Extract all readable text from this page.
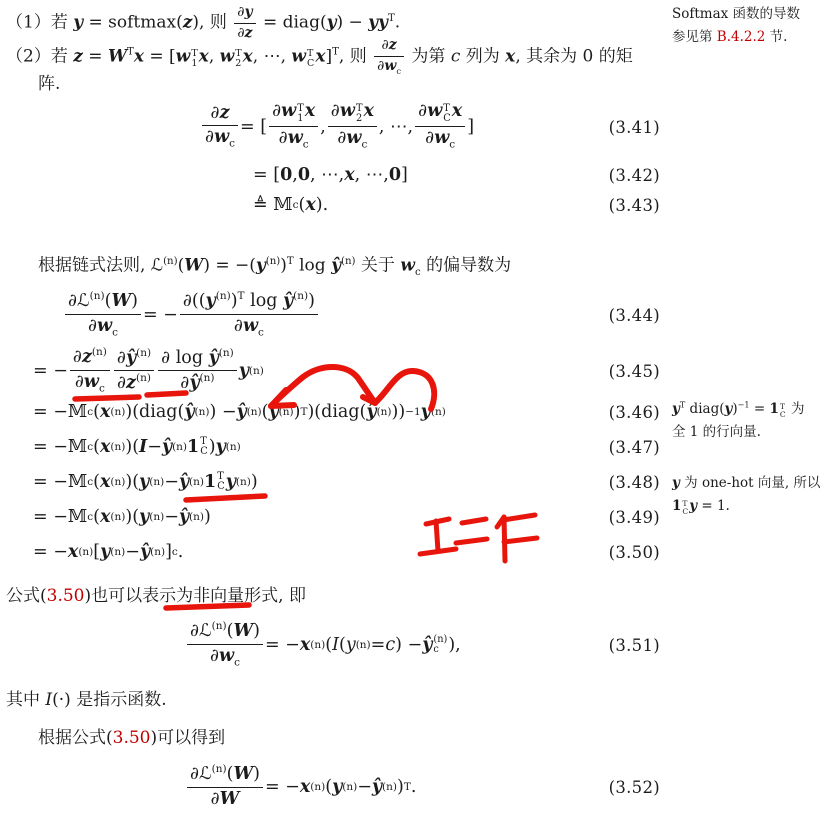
（1）若 y = softmax(z), 则 $\frac{\partial y}{\partial z}$ = diag(y) − $yy^T$.
（2）若 $z = W^Tx = [w$ T
1 x, w T
2 x, ⋯, w T
C x]$^T$, 则 $\frac{\partial z}{\partial w_c}$ 为第 c 列为 x, 其余为 0 的矩
阵.
根据链式法则, ℒ$^{(n)}$(W) = $-(y^{(n)})^T$ $\log ŷ^{(n)}$ 关于 $w_c$ 的偏导数为
公式(3.50)也可以表示为非向量形式, 即
其中 I(·) 是指示函数.
根据公式(3.50)可以得到
∂z
$\partial w_c$
= [
∂w T
1 x
$\partial w_c$
,
∂w T
2 x
$\partial w_c$
, ⋯,
∂w T
C x
$\partial w_c$
]	(3.41)
= [ 0 , 0 , ⋯, x , ⋯, 0 ]	(3.42)
≜ 𝕄 c ( x ).	(3.43)
∂ℒ$^{(n)}$(W)
$\partial w_c$
= −
$\partial((y^{(n)})^T$ $\log ŷ^{(n)}$)
$\partial w_c$
(3.44)
= −
$\partial z^{(n)}$
$\partial w_c$
$\partial ŷ^{(n)}$
$\partial z^{(n)}$
∂ $\log ŷ^{(n)}$
$\partial ŷ^{(n)}$	y (n)	(3.45)
= −𝕄 c ( x (n) )(diag( ŷ (n) ) − ŷ (n) ( ŷ (n) ) T )(diag( ŷ (n) )) −1 y (n)	(3.46)
= −𝕄 c ( x (n) )( I − ŷ (n) 1 T
C ) y (n)	(3.47)
= −𝕄 c ( x (n) )( y (n) − ŷ (n) 1 T
C y (n) )	(3.48)
= −𝕄 c ( x (n) )( y (n) − ŷ (n) )	(3.49)
= − x (n) [ y (n) − ŷ (n) ] c .	(3.50)
∂ℒ$^{(n)}$(W)
$\partial w_c$
= − x (n) ( I ( y (n) = c ) − ŷ (n)
c ),	(3.51)
∂ℒ$^{(n)}$(W)
∂W
= − x (n) ( y (n) − ŷ (n) ) T .	(3.52)
Softmax 函数的导数
参见第 B.4.2.2 节.
$y^T$ $diag(y)^{-1} = 1$ T
C 为
全 1 的行向量.
y 为 one-hot 向量, 所以
1 T
C y = 1.
